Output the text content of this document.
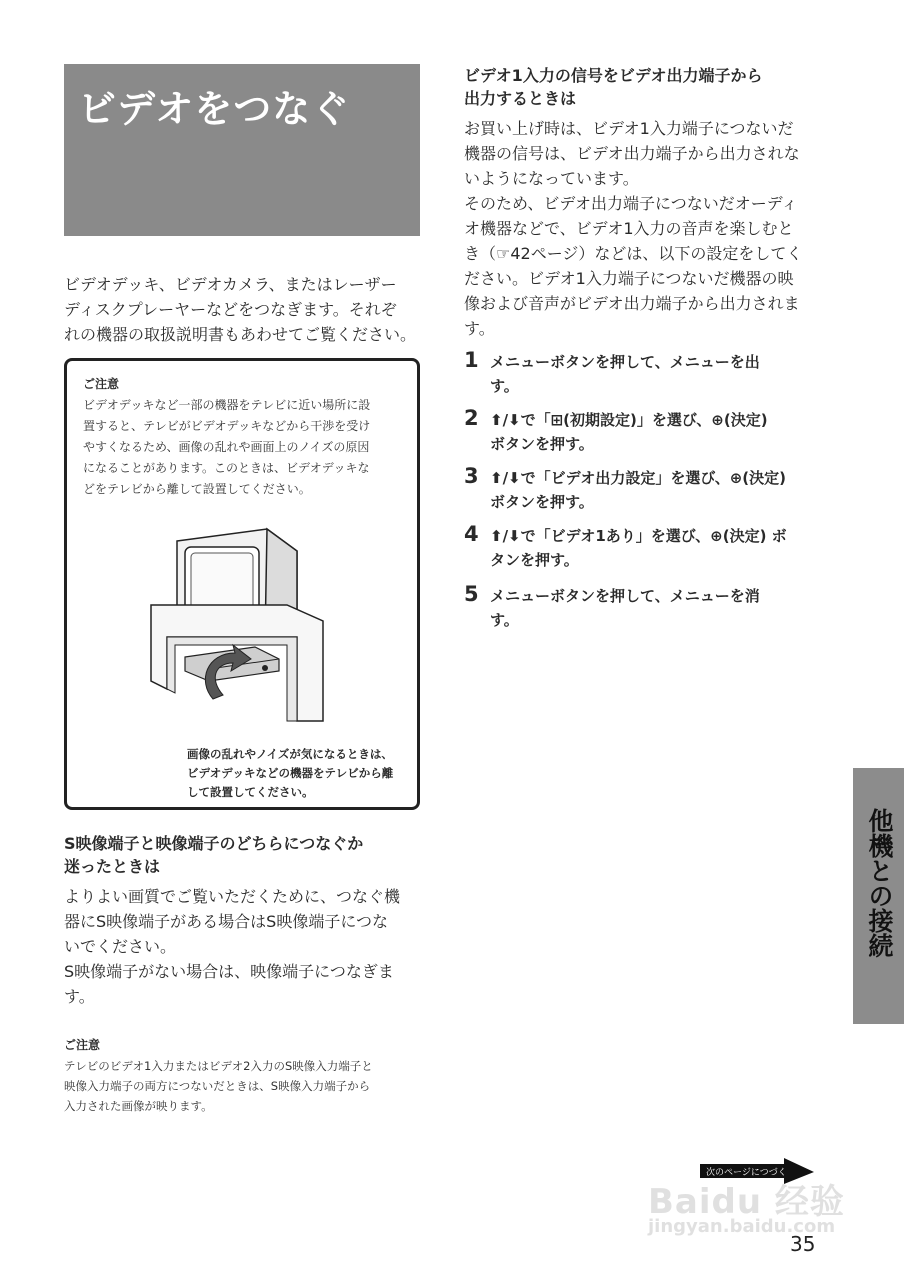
ビデオをつなぐ
ビデオデッキ、ビデオカメラ、またはレーザー
ディスクプレーヤーなどをつなぎます。それぞ
れの機器の取扱説明書もあわせてご覧ください。
ご注意
ビデオデッキなど一部の機器をテレビに近い場所に設
置すると、テレビがビデオデッキなどから干渉を受け
やすくなるため、画像の乱れや画面上のノイズの原因
になることがあります。このときは、ビデオデッキな
どをテレビから離して設置してください。
画像の乱れやノイズが気になるときは、
ビデオデッキなどの機器をテレビから離
して設置してください。
S映像端子と映像端子のどちらにつなぐか
迷ったときは
よりよい画質でご覧いただくために、つなぐ機
器にS映像端子がある場合はS映像端子につな
いでください。
S映像端子がない場合は、映像端子につなぎま
す。
ご注意
テレビのビデオ1入力またはビデオ2入力のS映像入力端子と
映像入力端子の両方につないだときは、S映像入力端子から
入力された画像が映ります。
ビデオ1入力の信号をビデオ出力端子から
出力するときは
お買い上げ時は、ビデオ1入力端子につないだ
機器の信号は、ビデオ出力端子から出力されな
いようになっています。
そのため、ビデオ出力端子につないだオーディ
オ機器などで、ビデオ1入力の音声を楽しむと
き（☞42ページ）などは、以下の設定をしてく
ださい。ビデオ1入力端子につないだ機器の映
像および音声がビデオ出力端子から出力されま
す。
1 メニューボタンを押して、メニューを出
す。
2 ⬆/⬇で「⊞(初期設定)」を選び、⊕(決定)
ボタンを押す。
3 ⬆/⬇で「ビデオ出力設定」を選び、⊕(決定)
ボタンを押す。
4 ⬆/⬇で「ビデオ1あり」を選び、⊕(決定) ボ
タンを押す。
5 メニューボタンを押して、メニューを消
す。
他機との接続
次のページにつづく
Baidu 经验
jingyan.baidu.com
35
